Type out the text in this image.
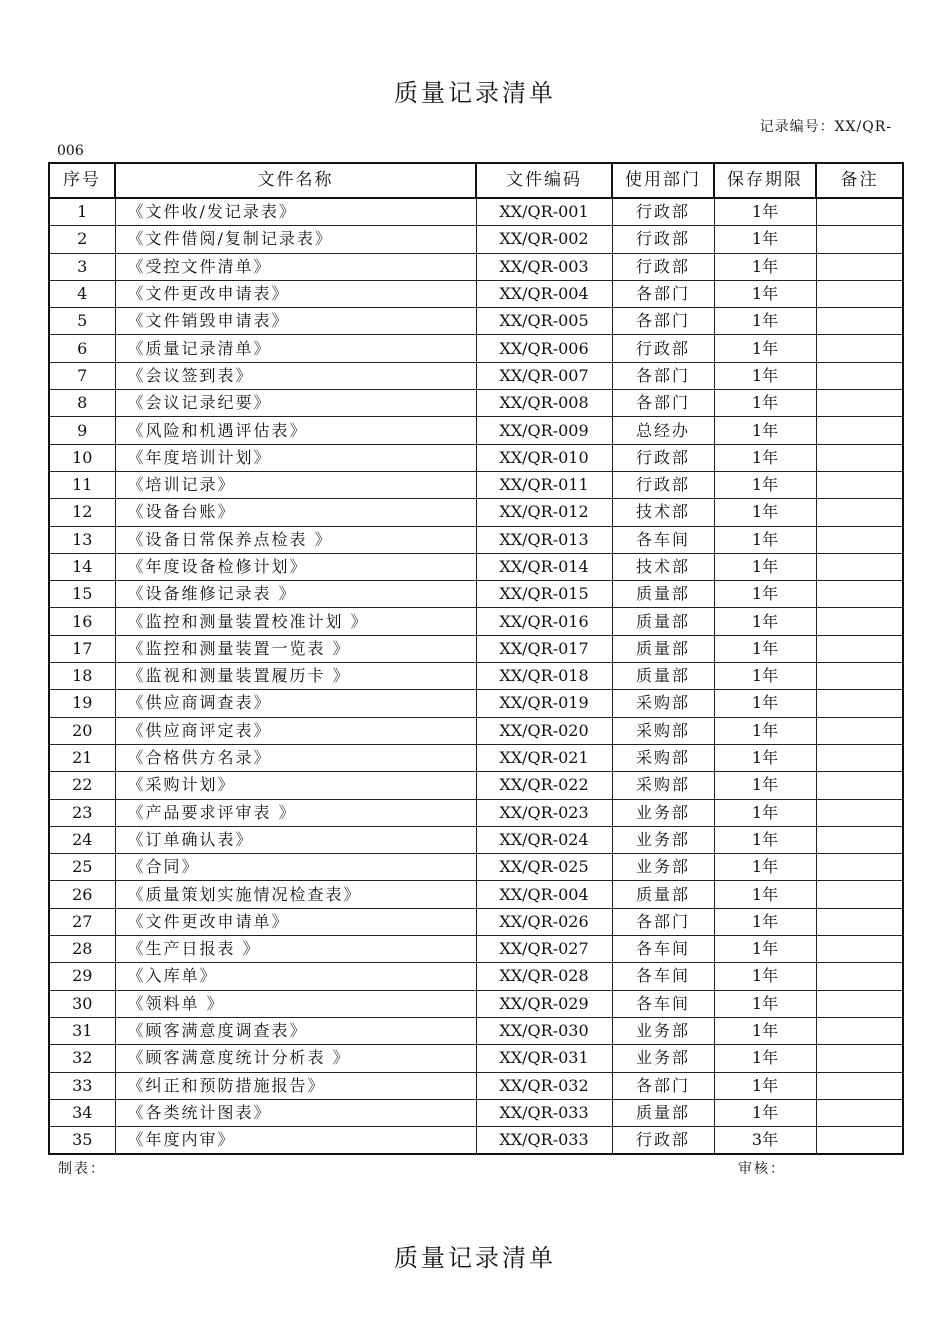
质量记录清单
记录编号：XX/QR-
006
序号	文件名称	文件编码	使用部门	保存期限	备注
1	《文件收/发记录表》	XX/QR-001	行政部	1年	
2	《文件借阅/复制记录表》	XX/QR-002	行政部	1年	
3	《受控文件清单》	XX/QR-003	行政部	1年	
4	《文件更改申请表》	XX/QR-004	各部门	1年	
5	《文件销毁申请表》	XX/QR-005	各部门	1年	
6	《质量记录清单》	XX/QR-006	行政部	1年	
7	《会议签到表》	XX/QR-007	各部门	1年	
8	《会议记录纪要》	XX/QR-008	各部门	1年	
9	《风险和机遇评估表》	XX/QR-009	总经办	1年	
10	《年度培训计划》	XX/QR-010	行政部	1年	
11	《培训记录》	XX/QR-011	行政部	1年	
12	《设备台账》	XX/QR-012	技术部	1年	
13	《设备日常保养点检表 》	XX/QR-013	各车间	1年	
14	《年度设备检修计划》	XX/QR-014	技术部	1年	
15	《设备维修记录表 》	XX/QR-015	质量部	1年	
16	《监控和测量装置校准计划 》	XX/QR-016	质量部	1年	
17	《监控和测量装置一览表 》	XX/QR-017	质量部	1年	
18	《监视和测量装置履历卡 》	XX/QR-018	质量部	1年	
19	《供应商调查表》	XX/QR-019	采购部	1年	
20	《供应商评定表》	XX/QR-020	采购部	1年	
21	《合格供方名录》	XX/QR-021	采购部	1年	
22	《采购计划》	XX/QR-022	采购部	1年	
23	《产品要求评审表 》	XX/QR-023	业务部	1年	
24	《订单确认表》	XX/QR-024	业务部	1年	
25	《合同》	XX/QR-025	业务部	1年	
26	《质量策划实施情况检查表》	XX/QR-004	质量部	1年	
27	《文件更改申请单》	XX/QR-026	各部门	1年	
28	《生产日报表 》	XX/QR-027	各车间	1年	
29	《入库单》	XX/QR-028	各车间	1年	
30	《领料单 》	XX/QR-029	各车间	1年	
31	《顾客满意度调查表》	XX/QR-030	业务部	1年	
32	《顾客满意度统计分析表 》	XX/QR-031	业务部	1年	
33	《纠正和预防措施报告》	XX/QR-032	各部门	1年	
34	《各类统计图表》	XX/QR-033	质量部	1年	
35	《年度内审》	XX/QR-033	行政部	3年	
制表：	审核：
质量记录清单
